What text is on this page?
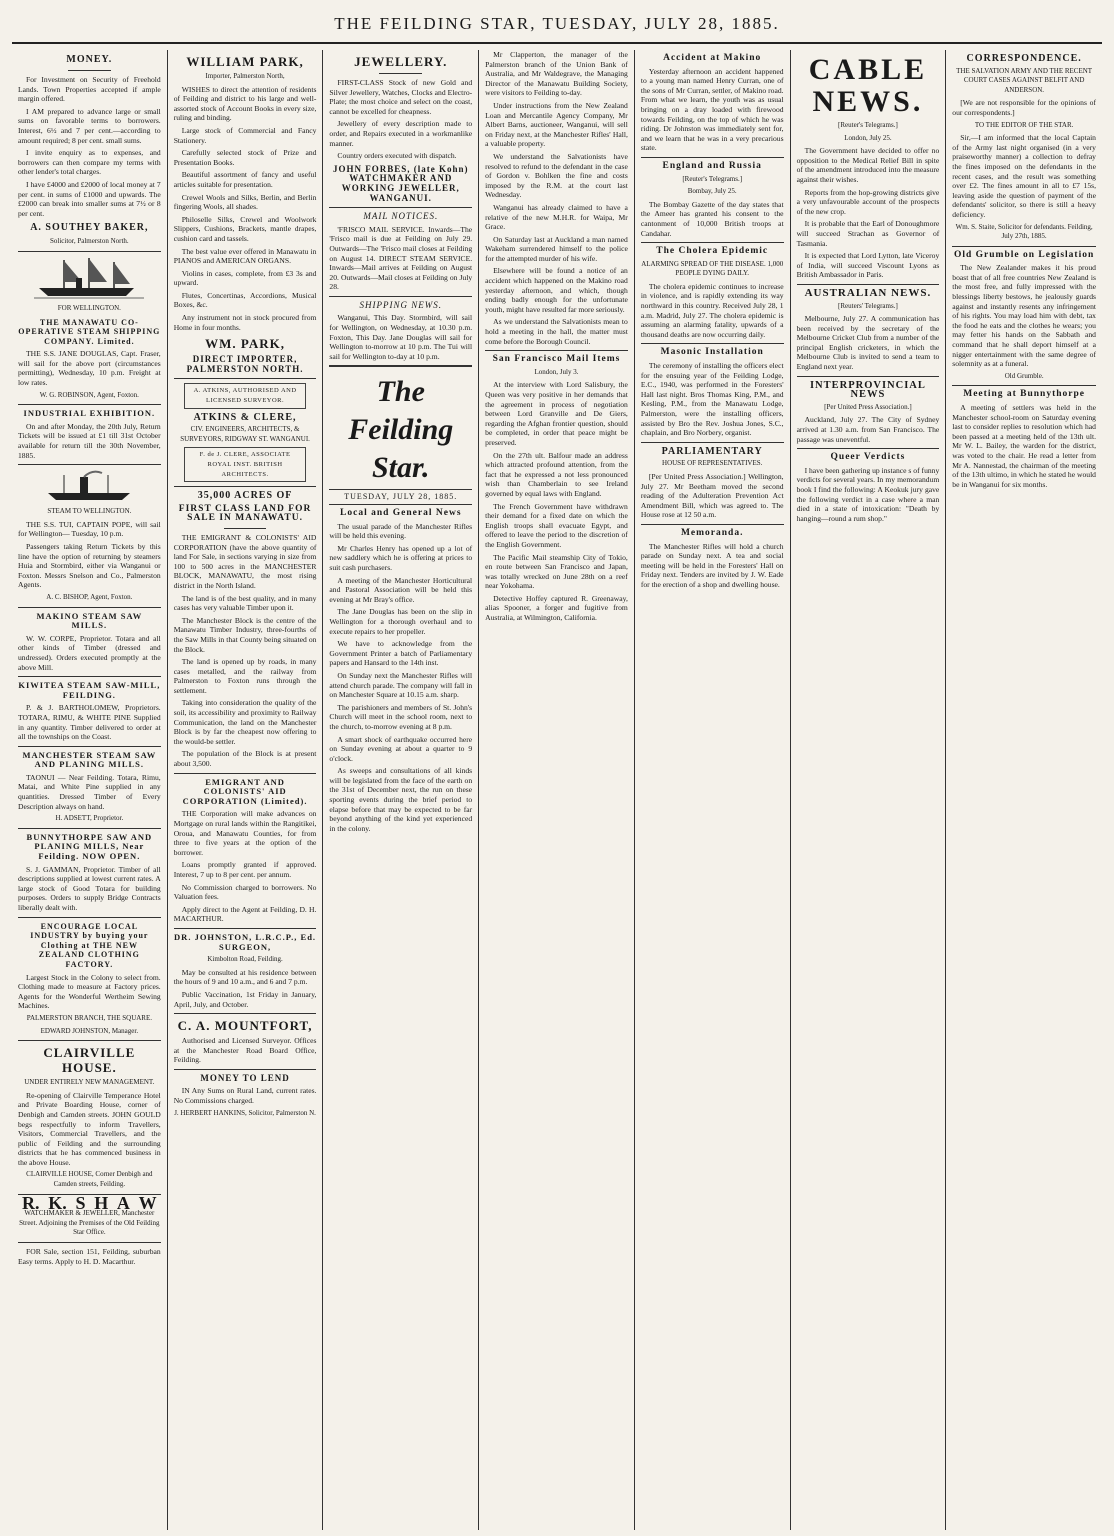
THE FEILDING STAR, TUESDAY, JULY 28, 1885.
MONEY.

For Investment on Security of Freehold Lands. Town Properties accepted if ample margin offered.

I AM prepared to advance large or small sums on favorable terms to borrowers. Interest, 6½ and 7 per cent.—according to amount required; 8 per cent. small sums.

I invite enquiry as to expenses, and borrowers can then compare my terms with other lender's total charges.

I have £4000 and £2000 of local money at 7 per cent. in sums of £1000 and upwards. The £2000 can break into smaller sums at 7½ or 8 per cent.

A. SOUTHEY BAKER,
Solicitor, Palmerston North.
FOR WELLINGTON.
THE MANAWATU CO-OPERATIVE STEAM SHIPPING COMPANY. Limited.

THE S.S. JANE DOUGLAS, Capt. Fraser, will sail for the above port (circumstances permitting), Wednesday, 10 p.m. Freight at low rates.

W. G. ROBINSON, Agent, Foxton.
INDUSTRIAL EXHIBITION.

On and after Monday, the 20th July, Return Tickets will be issued at £1 till 31st October available for return till the 30th November, 1885.

STEAM TO WELLINGTON.

THE S.S. TUI, CAPTAIN POPE, will sail for Wellington— Tuesday, 10 p.m.

Passengers taking Return Tickets by this line have the option of returning by steamers Huia and Stormbird, either via Wanganui or Foxton. Messrs Snelson and Co., Palmerston Agents.

A. C. BISHOP, Agent, Foxton.
MAKINO STEAM SAW MILLS.

W. W. CORPE, Proprietor. Totara and all other kinds of Timber (dressed and undressed). Orders executed promptly at the above Mill.

KIWITEA STEAM SAW-MILL, FEILDING.

P. & J. BARTHOLOMEW, Proprietors. TOTARA, RIMU, & WHITE PINE Supplied in any quantity. Timber delivered to order at all the townships on the Coast.

MANCHESTER STEAM SAW AND PLANING MILLS.

TAONUI — Near Feilding. Totara, Rimu, Matai, and White Pine supplied in any quantities. Dressed Timber of Every Description always on hand.

H. ADSETT, Proprietor.
BUNNYTHORPE SAW AND PLANING MILLS, Near Feilding. NOW OPEN.

S. J. GAMMAN, Proprietor. Timber of all descriptions supplied at lowest current rates. A large stock of Good Totara for building purposes. Orders to supply Bridge Contracts liberally dealt with.

ENCOURAGE LOCAL INDUSTRY by buying your Clothing at THE NEW ZEALAND CLOTHING FACTORY.

Largest Stock in the Colony to select from. Clothing made to measure at Factory prices. Agents for the Wonderful Wertheim Sewing Machines.

PALMERSTON BRANCH, THE SQUARE.
EDWARD JOHNSTON, Manager.
CLAIRVILLE HOUSE.
UNDER ENTIRELY NEW MANAGEMENT.

Re-opening of Clairville Temperance Hotel and Private Boarding House, corner of Denbigh and Camden streets. JOHN GOULD begs respectfully to inform Travellers, Visitors, Commercial Travellers, and the public of Feilding and the surrounding districts that he has commenced business in the above House.

CLAIRVILLE HOUSE, Corner Denbigh and Camden streets, Feilding.
R. K. S H A W
WATCHMAKER & JEWELLER, Manchester Street. Adjoining the Premises of the Old Feilding Star Office.

FOR Sale, section 151, Feilding, suburban Easy terms. Apply to H. D. Macarthur.

WILLIAM PARK,
Importer, Palmerston North,

WISHES to direct the attention of residents of Feilding and district to his large and well-assorted stock of Account Books in every size, ruling and binding.

Large stock of Commercial and Fancy Stationery.

Carefully selected stock of Prize and Presentation Books.

Beautiful assortment of fancy and useful articles suitable for presentation.

Crewel Wools and Silks, Berlin, and Berlin fingering Wools, all shades.

Philoselle Silks, Crewel and Woolwork Slippers, Cushions, Brackets, mantle drapes, cushion card and tassels.

The best value ever offered in Manawatu in PIANOS and AMERICAN ORGANS.

Violins in cases, complete, from £3 3s and upward.

Flutes, Concertinas, Accordions, Musical Boxes, &c.

Any instrument not in stock procured from Home in four months.

WM. PARK,
DIRECT IMPORTER, PALMERSTON NORTH.
A. ATKINS, AUTHORISED AND LICENSED SURVEYOR.
ATKINS & CLERE,
CIV. ENGINEERS, ARCHITECTS, & SURVEYORS, RIDGWAY ST. WANGANUI.
F. de J. CLERE, ASSOCIATE ROYAL INST. BRITISH ARCHITECTS.
35,000 ACRES OF
FIRST CLASS LAND FOR SALE IN MANAWATU.

THE EMIGRANT & COLONISTS' AID CORPORATION (have the above quantity of land For Sale, in sections varying in size from 100 to 500 acres in the MANCHESTER BLOCK, MANAWATU, the most rising district in the North Island.

The land is of the best quality, and in many cases has very valuable Timber upon it.

The Manchester Block is the centre of the Manawatu Timber Industry, three-fourths of the Saw Mills in that County being situated on the Block.

The land is opened up by roads, in many cases metalled, and the railway from Palmerston to Foxton runs through the settlement.

Taking into consideration the quality of the soil, its accessibility and proximity to Railway Communication, the land on the Manchester Block is by far the cheapest now offering to the would-be settler.

The population of the Block is at present about 3,500.

EMIGRANT AND COLONISTS' AID CORPORATION (Limited).

THE Corporation will make advances on Mortgage on rural lands within the Rangitikei, Oroua, and Manawatu Counties, for from three to five years at the option of the borrower.

Loans promptly granted if approved. Interest, 7 up to 8 per cent. per annum.

No Commission charged to borrowers. No Valuation fees.

Apply direct to the Agent at Feilding, D. H. MACARTHUR.

DR. JOHNSTON, L.R.C.P., Ed. SURGEON,
Kimbolton Road, Feilding.

May be consulted at his residence between the hours of 9 and 10 a.m., and 6 and 7 p.m.

Public Vaccination, 1st Friday in January, April, July, and October.

C. A. MOUNTFORT,

Authorised and Licensed Surveyor. Offices at the Manchester Road Board Office, Feilding.

MONEY TO LEND

IN Any Sums on Rural Land, current rates. No Commissions charged.

J. HERBERT HANKINS, Solicitor, Palmerston N.
JEWELLERY.

FIRST-CLASS Stock of new Gold and Silver Jewellery, Watches, Clocks and Electro-Plate; the most choice and select on the coast, cannot be excelled for cheapness.

Jewellery of every description made to order, and Repairs executed in a workmanlike manner.

Country orders executed with dispatch.

JOHN FORBES, (late Kohn) WATCHMAKER AND WORKING JEWELLER, WANGANUI.
MAIL NOTICES.

'FRISCO MAIL SERVICE. Inwards—The 'Frisco mail is due at Feilding on July 29. Outwards—The 'Frisco mail closes at Feilding on August 14. DIRECT STEAM SERVICE. Inwards—Mail arrives at Feilding on August 20. Outwards—Mail closes at Feilding on July 28.

SHIPPING NEWS.

Wanganui, This Day. Stormbird, will sail for Wellington, on Wednesday, at 10.30 p.m. Foxton, This Day. Jane Douglas will sail for Wellington to-morrow at 10 p.m. The Tui will sail for Wellington to-day at 10 p.m.

The Feilding Star.
TUESDAY, JULY 28, 1885.
Local and General News

The usual parade of the Manchester Rifles will be held this evening.

Mr Charles Henry has opened up a lot of new saddlery which he is offering at prices to suit cash purchasers.

A meeting of the Manchester Horticultural and Pastoral Association will be held this evening at Mr Bray's office.

The Jane Douglas has been on the slip in Wellington for a thorough overhaul and to execute repairs to her propeller.

We have to acknowledge from the Government Printer a batch of Parliamentary papers and Hansard to the 14th inst.

On Sunday next the Manchester Rifles will attend church parade. The company will fall in on Manchester Square at 10.15 a.m. sharp.

The parishioners and members of St. John's Church will meet in the school room, next to the church, to-morrow evening at 8 p.m.

A smart shock of earthquake occurred here on Sunday evening at about a quarter to 9 o'clock.

As sweeps and consultations of all kinds will be legislated from the face of the earth on the 31st of December next, the run on these sporting events during the brief period to elapse before that may be expected to be far beyond anything of the kind yet experienced in the colony.

Mr Clapperton, the manager of the Palmerston branch of the Union Bank of Australia, and Mr Waldegrave, the Managing Director of the Manawatu Building Society, were visitors to Feilding to-day.

Under instructions from the New Zealand Loan and Mercantile Agency Company, Mr Albert Barns, auctioneer, Wanganui, will sell on Friday next, at the Manchester Rifles' Hall, a valuable property.

We understand the Salvationists have resolved to refund to the defendant in the case of Gordon v. Bohlken the fine and costs imposed by the R.M. at the court last Wednesday.

Wanganui has already claimed to have a relative of the new M.H.R. for Waipa, Mr Grace.

On Saturday last at Auckland a man named Wakeham surrendered himself to the police for the attempted murder of his wife.

Elsewhere will be found a notice of an accident which happened on the Makino road yesterday afternoon, and which, though ending badly enough for the unfortunate youth, might have resulted far more seriously.

As we understand the Salvationists mean to hold a meeting in the hall, the matter must come before the Borough Council.

San Francisco Mail Items
London, July 3.

At the interview with Lord Salisbury, the Queen was very positive in her demands that the agreement in process of negotiation between Lord Granville and De Giers, regarding the Afghan frontier question, should be completed, in order that peace might be preserved.

On the 27th ult. Balfour made an address which attracted profound attention, from the fact that he expressed a not less pronounced wish than Chamberlain to see Ireland governed by equal laws with England.

The French Government have withdrawn their demand for a fixed date on which the English troops shall evacuate Egypt, and offered to leave the period to the discretion of the English Government.

The Pacific Mail steamship City of Tokio, en route between San Francisco and Japan, was totally wrecked on June 28th on a reef near Yokohama.

Detective Hoffey captured R. Greenaway, alias Spooner, a forger and fugitive from Australia, at Wilmington, California.

Accident at Makino

Yesterday afternoon an accident happened to a young man named Henry Curran, one of the sons of Mr Curran, settler, of Makino road. From what we learn, the youth was as usual bringing on a dray loaded with firewood towards Feilding, on the top of which he was riding. Dr Johnston was immediately sent for, and we learn that he was in a very precarious state.

England and Russia
[Reuter's Telegrams.]
Bombay, July 25.

The Bombay Gazette of the day states that the Ameer has granted his consent to the cantonment of 10,000 British troops at Candahar.

The Cholera Epidemic
ALARMING SPREAD OF THE DISEASE. 1,000 PEOPLE DYING DAILY.

The cholera epidemic continues to increase in violence, and is rapidly extending its way northward in this country. Received July 28, 1 a.m. Madrid, July 27. The cholera epidemic is assuming an alarming fatality, upwards of a thousand deaths are now occurring daily.

Masonic Installation

The ceremony of installing the officers elect for the ensuing year of the Feilding Lodge, E.C., 1940, was performed in the Foresters' Hall last night. Bros Thomas King, P.M., and Kesling, P.M., from the Manawatu Lodge, Palmerston, were the installing officers, assisted by Bro the Rev. Joshua Jones, S.C., chaplain, and Bro Norbery, organist.

PARLIAMENTARY
HOUSE OF REPRESENTATIVES.

[Per United Press Association.] Wellington, July 27. Mr Beetham moved the second reading of the Adulteration Prevention Act Amendment Bill, which was agreed to. The House rose at 12 50 a.m.

Memoranda.

The Manchester Rifles will hold a church parade on Sunday next. A tea and social meeting will be held in the Foresters' Hall on Friday next. Tenders are invited by J. W. Eade for the erection of a shop and dwelling house.

CABLE NEWS.
[Reuter's Telegrams.]
London, July 25.

The Government have decided to offer no opposition to the Medical Relief Bill in spite of the amendment introduced into the measure against their wishes.

Reports from the hop-growing districts give a very unfavourable account of the prospects of the new crop.

It is probable that the Earl of Donoughmore will succeed Strachan as Governor of Tasmania.

It is expected that Lord Lytton, late Viceroy of India, will succeed Viscount Lyons as British Ambassador in Paris.

AUSTRALIAN NEWS.
[Reuters' Telegrams.]

Melbourne, July 27. A communication has been received by the secretary of the Melbourne Cricket Club from a number of the principal English cricketers, in which the Melbourne Club is invited to send a team to England next year.

INTERPROVINCIAL NEWS
[Per United Press Association.]

Auckland, July 27. The City of Sydney arrived at 1.30 a.m. from San Francisco. The passage was uneventful.

Queer Verdicts

I have been gathering up instance s of funny verdicts for several years. In my memorandum book I find the following: A Keokuk jury gave the following verdict in a case where a man died in a state of intoxication: "Death by hanging—round a rum shop."

CORRESPONDENCE.
THE SALVATION ARMY AND THE RECENT COURT CASES AGAINST BELFIT AND ANDERSON.

[We are not responsible for the opinions of our correspondents.]

TO THE EDITOR OF THE STAR.

Sir,—I am informed that the local Captain of the Army last night organised (in a very praiseworthy manner) a collection to defray the fines imposed on the defendants in the recent cases, and the result was something over £2. The fines amount in all to £7 15s, leaving aside the question of payment of the defendants' solicitor, so there is still a heavy deficiency.

Wm. S. Staite, Solicitor for defendants. Feilding, July 27th, 1885.
Old Grumble on Legislation

The New Zealander makes it his proud boast that of all free countries New Zealand is the most free, and fully impressed with the blessings liberty bestows, he jealously guards against and instantly resents any infringement of his rights. You may load him with debt, tax the food he eats and the clothes he wears; you may fetter his hands on the Sabbath and command that he shall deport himself at a nigger entertainment with the same degree of solemnity as at a funeral.

Old Grumble.
Meeting at Bunnythorpe

A meeting of settlers was held in the Manchester school-room on Saturday evening last to consider replies to resolution which had been passed at a meeting held of the 13th ult. Mr W. L. Bailey, the warden for the district, was voted to the chair. He read a letter from Mr A. Nannestad, the chairman of the meeting of the 13th ultimo, in which he stated he would be in Wanganui for six months.
